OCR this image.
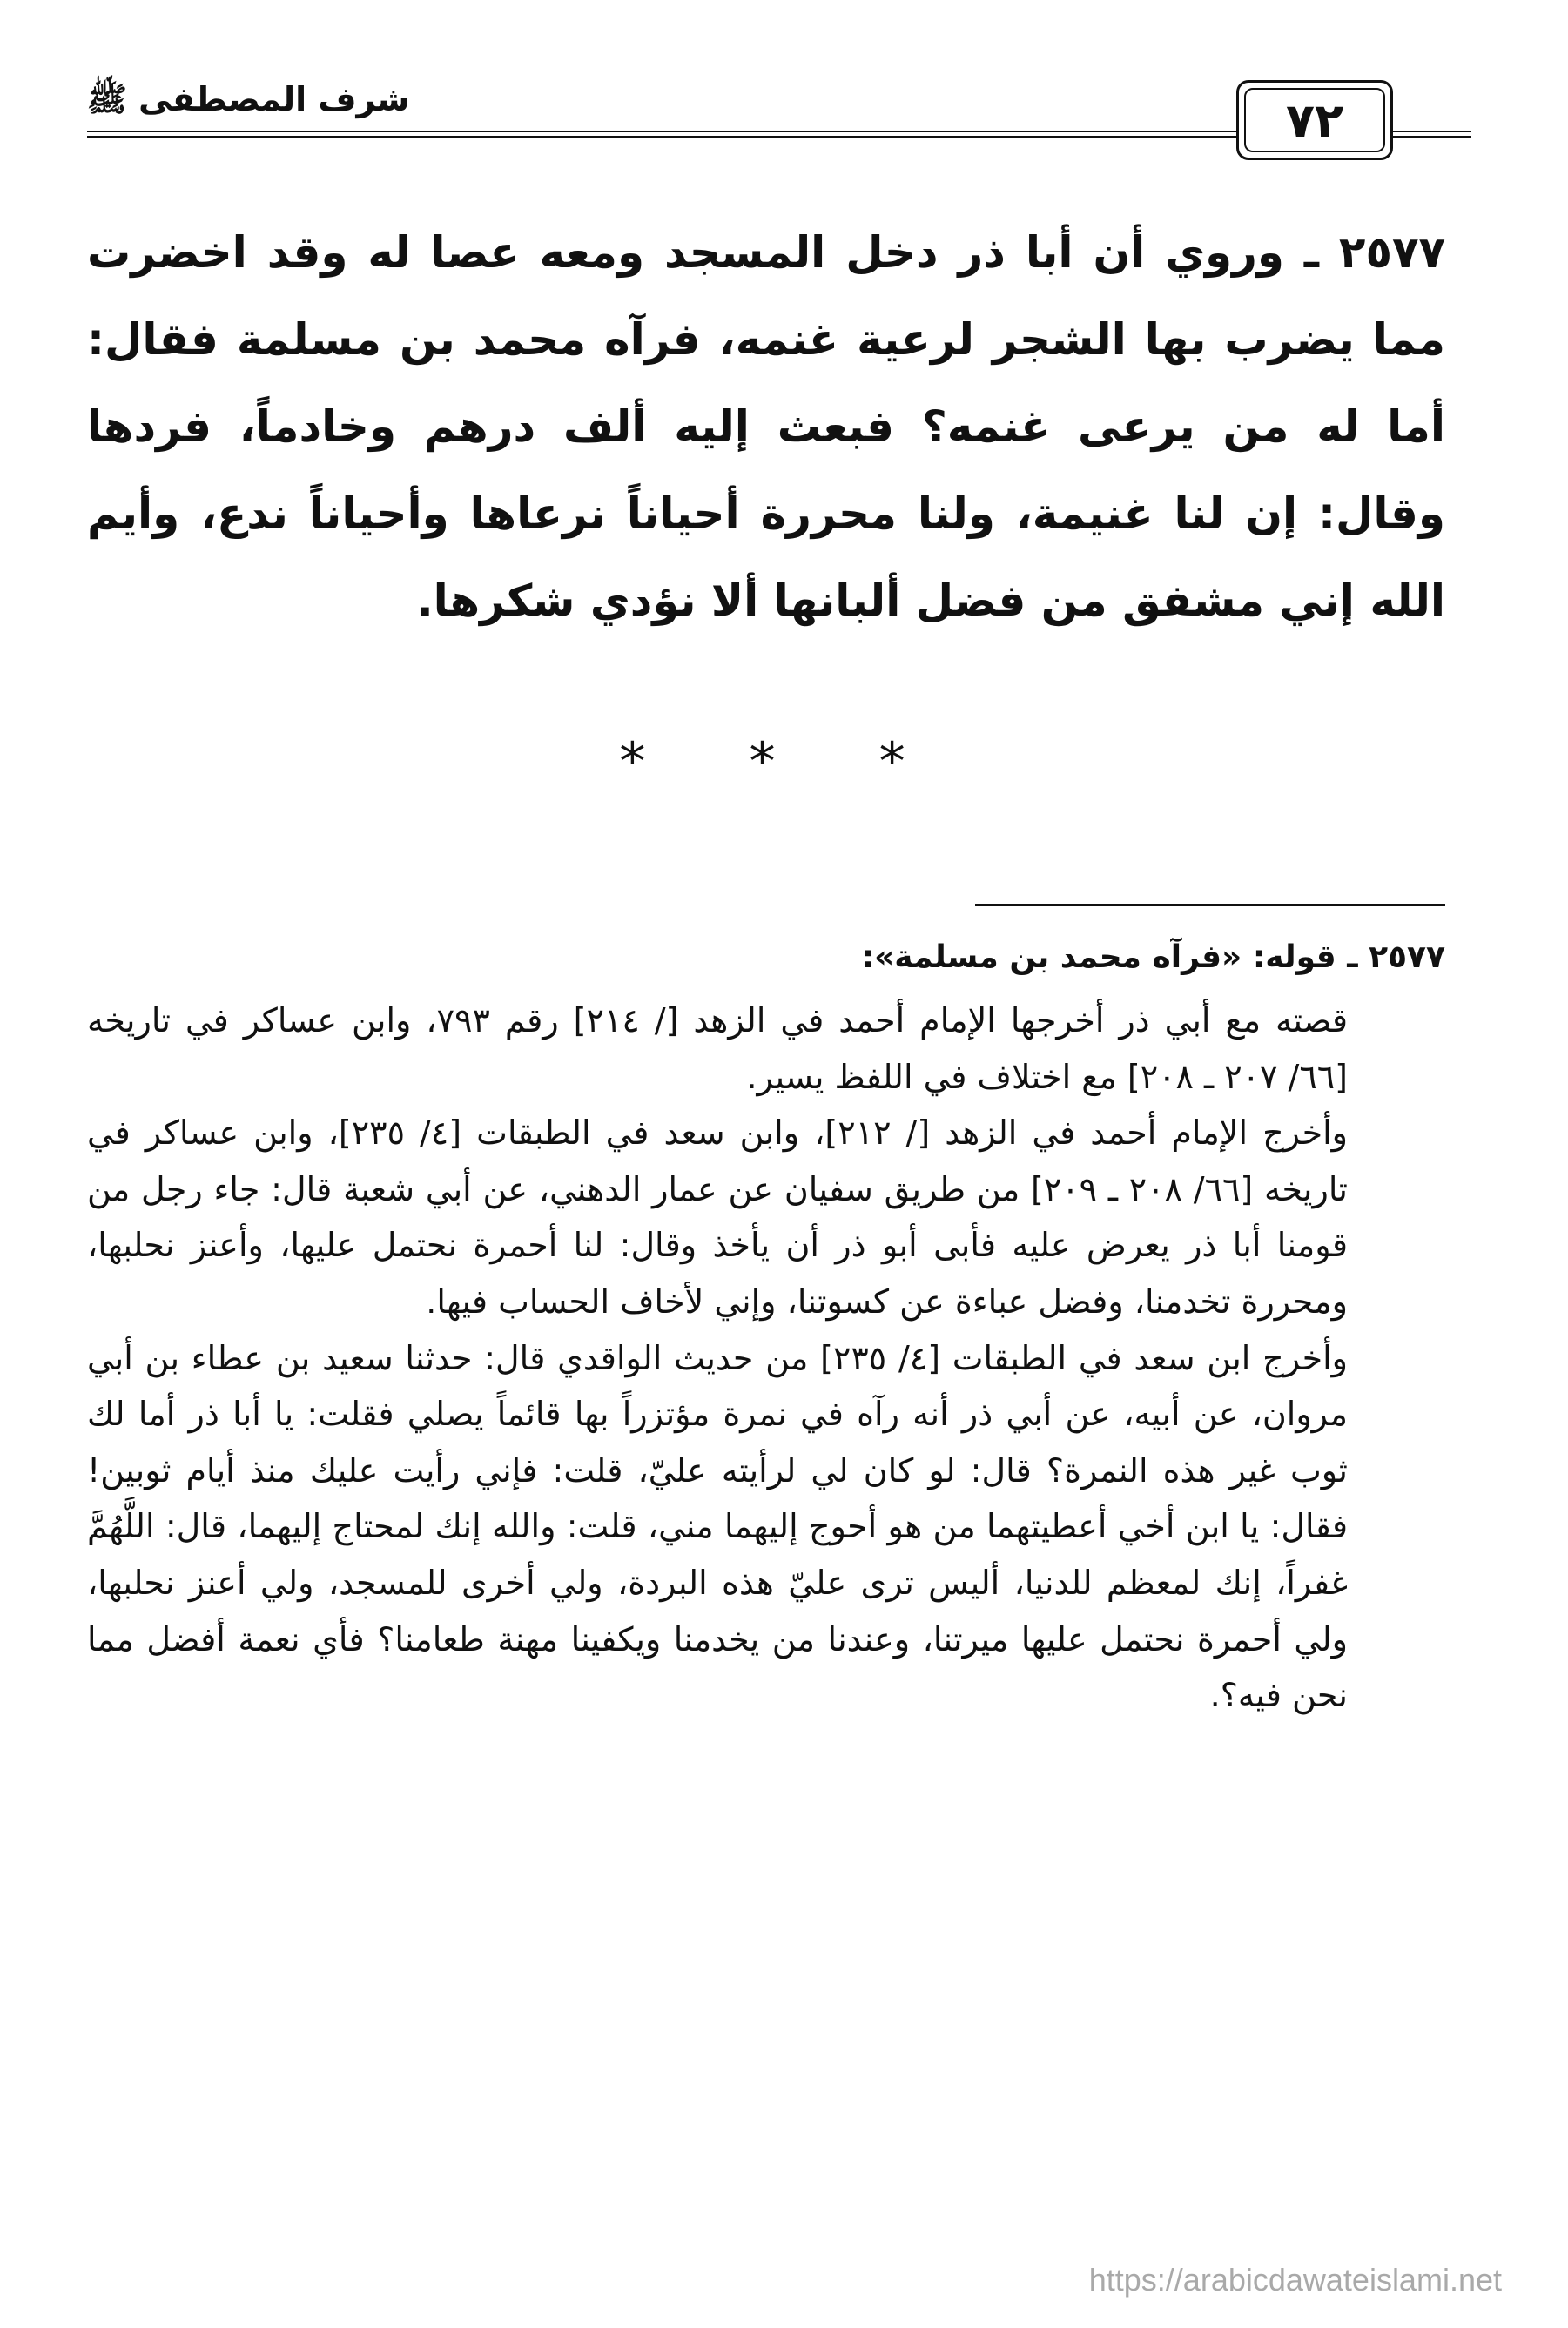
شرف المصطفى ﷺ	٧٢
٢٥٧٧ ـ وروي أن أبا ذر دخل المسجد ومعه عصا له وقد اخضرت مما يضرب بها الشجر لرعية غنمه، فرآه محمد بن مسلمة فقال: أما له من يرعى غنمه؟ فبعث إليه ألف درهم وخادماً، فردها وقال: إن لنا غنيمة، ولنا محررة أحياناً نرعاها وأحياناً ندع، وأيم الله إني مشفق من فضل ألبانها ألا نؤدي شكرها.
* * *
٢٥٧٧ ـ قوله: «فرآه محمد بن مسلمة»:

قصته مع أبي ذر أخرجها الإمام أحمد في الزهد [/ ٢١٤] رقم ٧٩٣، وابن عساكر في تاريخه [٦٦/ ٢٠٧ ـ ٢٠٨] مع اختلاف في اللفظ يسير.

وأخرج الإمام أحمد في الزهد [/ ٢١٢]، وابن سعد في الطبقات [٤/ ٢٣٥]، وابن عساكر في تاريخه [٦٦/ ٢٠٨ ـ ٢٠٩] من طريق سفيان عن عمار الدهني، عن أبي شعبة قال: جاء رجل من قومنا أبا ذر يعرض عليه فأبى أبو ذر أن يأخذ وقال: لنا أحمرة نحتمل عليها، وأعنز نحلبها، ومحررة تخدمنا، وفضل عباءة عن كسوتنا، وإني لأخاف الحساب فيها.

وأخرج ابن سعد في الطبقات [٤/ ٢٣٥] من حديث الواقدي قال: حدثنا سعيد بن عطاء بن أبي مروان، عن أبيه، عن أبي ذر أنه رآه في نمرة مؤتزراً بها قائماً يصلي فقلت: يا أبا ذر أما لك ثوب غير هذه النمرة؟ قال: لو كان لي لرأيته عليّ، قلت: فإني رأيت عليك منذ أيام ثوبين! فقال: يا ابن أخي أعطيتهما من هو أحوج إليهما مني، قلت: والله إنك لمحتاج إليهما، قال: اللَّهُمَّ غفراً، إنك لمعظم للدنيا، أليس ترى عليّ هذه البردة، ولي أخرى للمسجد، ولي أعنز نحلبها، ولي أحمرة نحتمل عليها ميرتنا، وعندنا من يخدمنا ويكفينا مهنة طعامنا؟ فأي نعمة أفضل مما نحن فيه؟.

https://arabicdawateislami.net
